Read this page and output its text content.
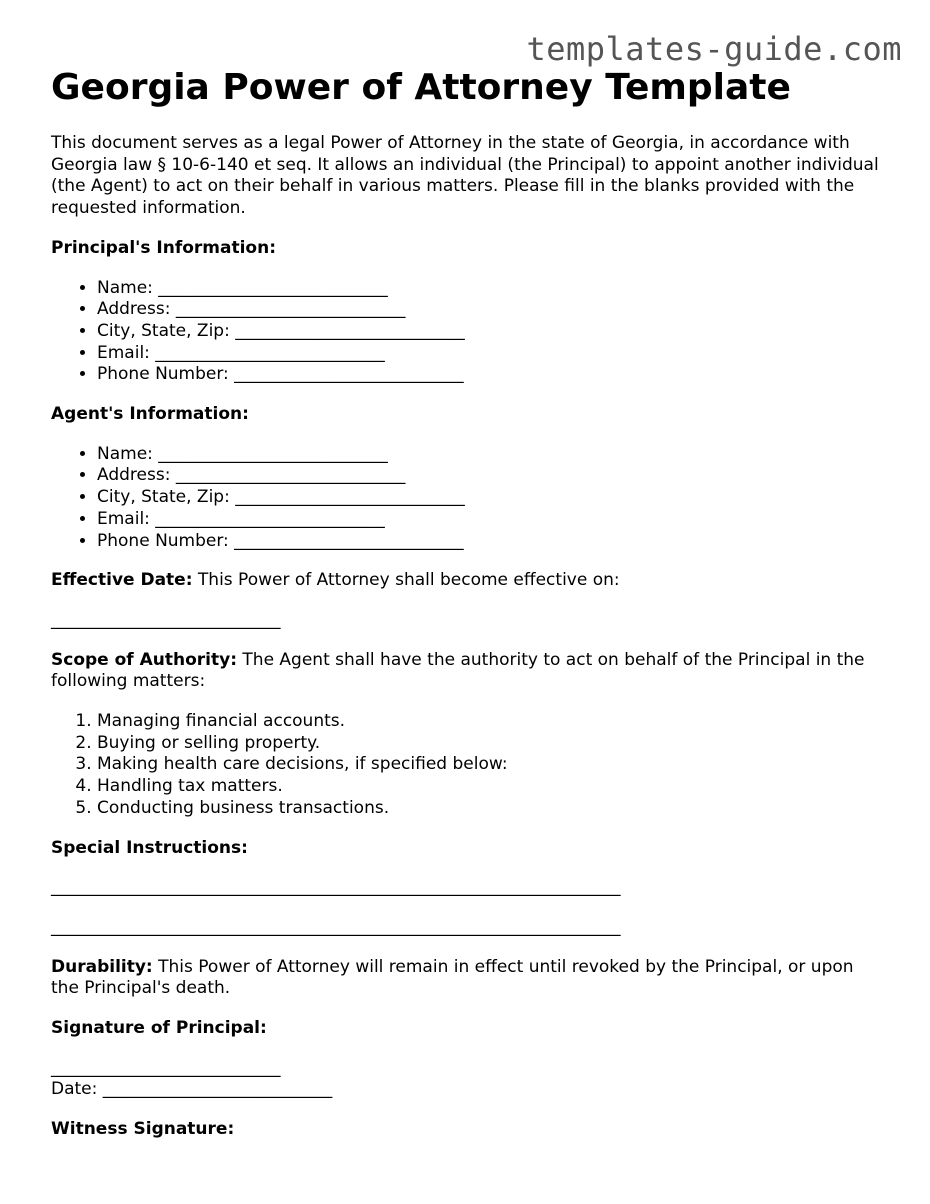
templates-guide.com
Georgia Power of Attorney Template

This document serves as a legal Power of Attorney in the state of Georgia, in accordance with Georgia law § 10-6-140 et seq. It allows an individual (the Principal) to appoint another individual (the Agent) to act on their behalf in various matters. Please fill in the blanks provided with the requested information.

Principal's Information:

• Name: ___________________________
• Address: ___________________________
• City, State, Zip: ___________________________
• Email: ___________________________
• Phone Number: ___________________________

Agent's Information:

• Name: ___________________________
• Address: ___________________________
• City, State, Zip: ___________________________
• Email: ___________________________
• Phone Number: ___________________________

Effective Date: This Power of Attorney shall become effective on:

___________________________

Scope of Authority: The Agent shall have the authority to act on behalf of the Principal in the following matters:

1. Managing financial accounts.
2. Buying or selling property.
3. Making health care decisions, if specified below:
4. Handling tax matters.
5. Conducting business transactions.

Special Instructions:

___________________________________________________________________
___________________________________________________________________

Durability: This Power of Attorney will remain in effect until revoked by the Principal, or upon the Principal's death.

Signature of Principal:

___________________________

Date: ___________________________

Witness Signature:
